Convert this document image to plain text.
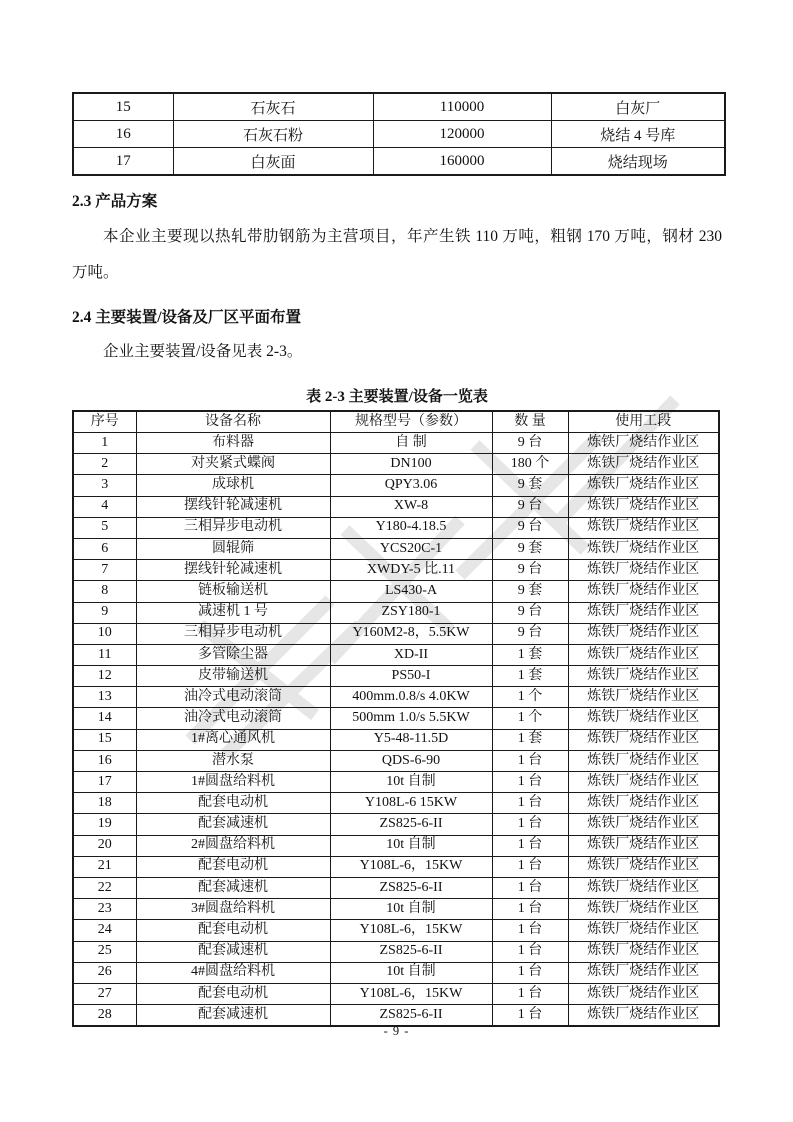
15	石灰石	110000	白灰厂
16	石灰石粉	120000	烧结 4 号库
17	白灰面	160000	烧结现场
2.3 产品方案

本企业主要现以热轧带肋钢筋为主营项目，年产生铁 110 万吨，粗钢 170 万吨，钢材 230 万吨。

2.4 主要装置/设备及厂区平面布置

企业主要装置/设备见表 2-3。

表 2-3 主要装置/设备一览表
序号	设备名称	规格型号（参数）	数 量	使用工段
1	布料器	自 制	9 台	炼铁厂烧结作业区
2	对夹紧式蝶阀	DN100	180 个	炼铁厂烧结作业区
3	成球机	QPY3.06	9 套	炼铁厂烧结作业区
4	摆线针轮减速机	XW-8	9 台	炼铁厂烧结作业区
5	三相异步电动机	Y180-4.18.5	9 台	炼铁厂烧结作业区
6	圆辊筛	YCS20C-1	9 套	炼铁厂烧结作业区
7	摆线针轮减速机	XWDY-5 比.11	9 台	炼铁厂烧结作业区
8	链板输送机	LS430-A	9 套	炼铁厂烧结作业区
9	减速机 1 号	ZSY180-1	9 台	炼铁厂烧结作业区
10	三相异步电动机	Y160M2-8，5.5KW	9 台	炼铁厂烧结作业区
11	多管除尘器	XD-II	1 套	炼铁厂烧结作业区
12	皮带输送机	PS50-I	1 套	炼铁厂烧结作业区
13	油冷式电动滚筒	400mm.0.8/s 4.0KW	1 个	炼铁厂烧结作业区
14	油冷式电动滚筒	500mm 1.0/s 5.5KW	1 个	炼铁厂烧结作业区
15	1#离心通风机	Y5-48-11.5D	1 套	炼铁厂烧结作业区
16	潜水泵	QDS-6-90	1 台	炼铁厂烧结作业区
17	1#圆盘给料机	10t 自制	1 台	炼铁厂烧结作业区
18	配套电动机	Y108L-6 15KW	1 台	炼铁厂烧结作业区
19	配套减速机	ZS825-6-II	1 台	炼铁厂烧结作业区
20	2#圆盘给料机	10t 自制	1 台	炼铁厂烧结作业区
21	配套电动机	Y108L-6，15KW	1 台	炼铁厂烧结作业区
22	配套减速机	ZS825-6-II	1 台	炼铁厂烧结作业区
23	3#圆盘给料机	10t 自制	1 台	炼铁厂烧结作业区
24	配套电动机	Y108L-6，15KW	1 台	炼铁厂烧结作业区
25	配套减速机	ZS825-6-II	1 台	炼铁厂烧结作业区
26	4#圆盘给料机	10t 自制	1 台	炼铁厂烧结作业区
27	配套电动机	Y108L-6，15KW	1 台	炼铁厂烧结作业区
28	配套减速机	ZS825-6-II	1 台	炼铁厂烧结作业区
- 9 -
